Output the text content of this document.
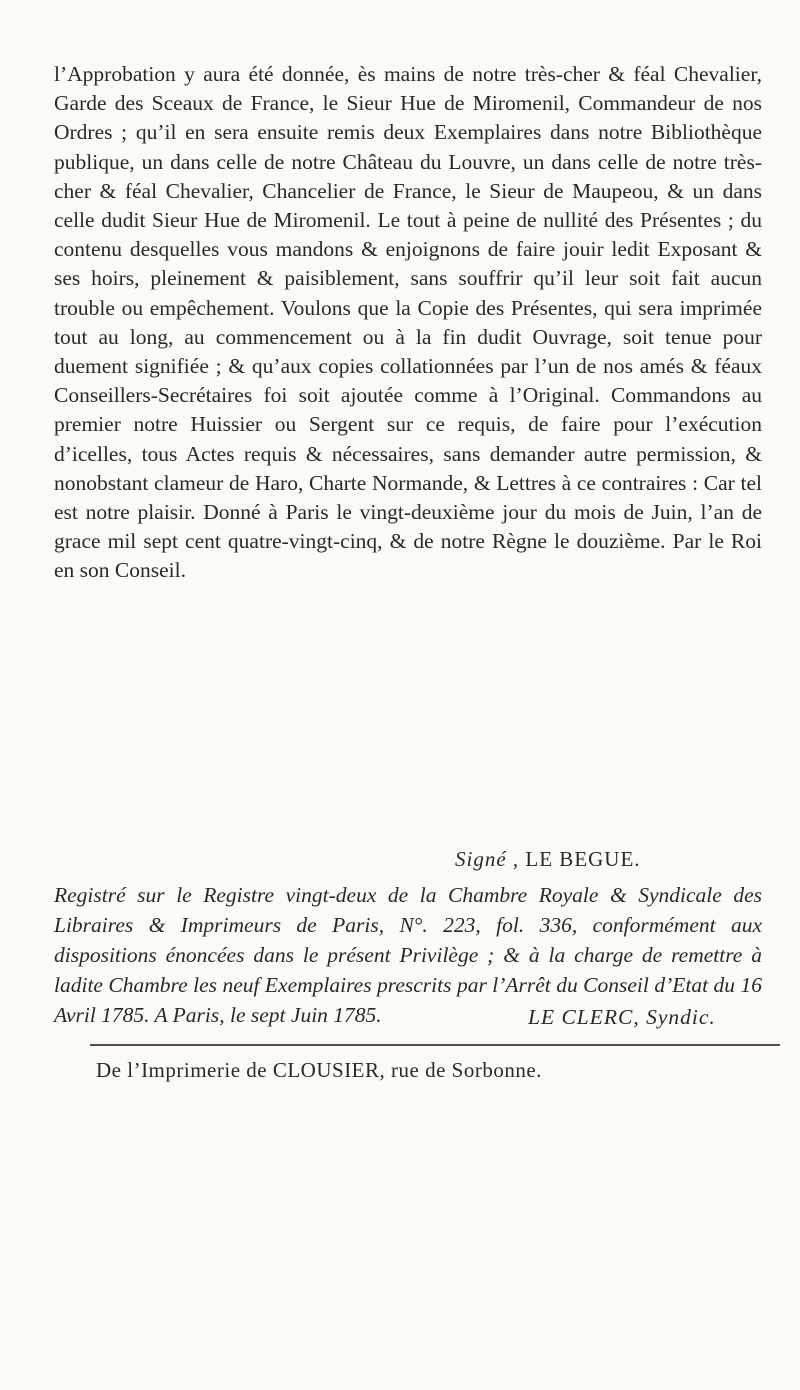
l’Approbation y aura été donnée, ès mains de notre très-cher & féal Chevalier, Garde des Sceaux de France, le Sieur Hue de Miromenil, Commandeur de nos Ordres ; qu’il en sera ensuite remis deux Exemplaires dans notre Bibliothèque publique, un dans celle de notre Château du Louvre, un dans celle de notre très-cher & féal Chevalier, Chancelier de France, le Sieur de Maupeou, & un dans celle dudit Sieur Hue de Miromenil. Le tout à peine de nullité des Présentes ; du contenu desquelles vous mandons & enjoignons de faire jouir ledit Exposant & ses hoirs, pleinement & paisiblement, sans souffrir qu’il leur soit fait aucun trouble ou empêchement. Voulons que la Copie des Présentes, qui sera imprimée tout au long, au commencement ou à la fin dudit Ouvrage, soit tenue pour duement signifiée ; & qu’aux copies collationnées par l’un de nos amés & féaux Conseillers-Secrétaires foi soit ajoutée comme à l’Original. Commandons au premier notre Huissier ou Sergent sur ce requis, de faire pour l’exécution d’icelles, tous Actes requis & nécessaires, sans demander autre permission, & nonobstant clameur de Haro, Charte Normande, & Lettres à ce contraires : Car tel est notre plaisir. Donné à Paris le vingt-deuxième jour du mois de Juin, l’an de grace mil sept cent quatre-vingt-cinq, & de notre Règne le douzième. Par le Roi en son Conseil.

Signé , LE BEGUE.

Registré sur le Registre vingt-deux de la Chambre Royale & Syndicale des Libraires & Imprimeurs de Paris, N°. 223, fol. 336, conformément aux dispositions énoncées dans le présent Privilège ; & à la charge de remettre à ladite Chambre les neuf Exemplaires prescrits par l’Arrêt du Conseil d’Etat du 16 Avril 1785. A Paris, le sept Juin 1785.	LE CLERC, Syndic.
De l’Imprimerie de CLOUSIER, rue de Sorbonne.
